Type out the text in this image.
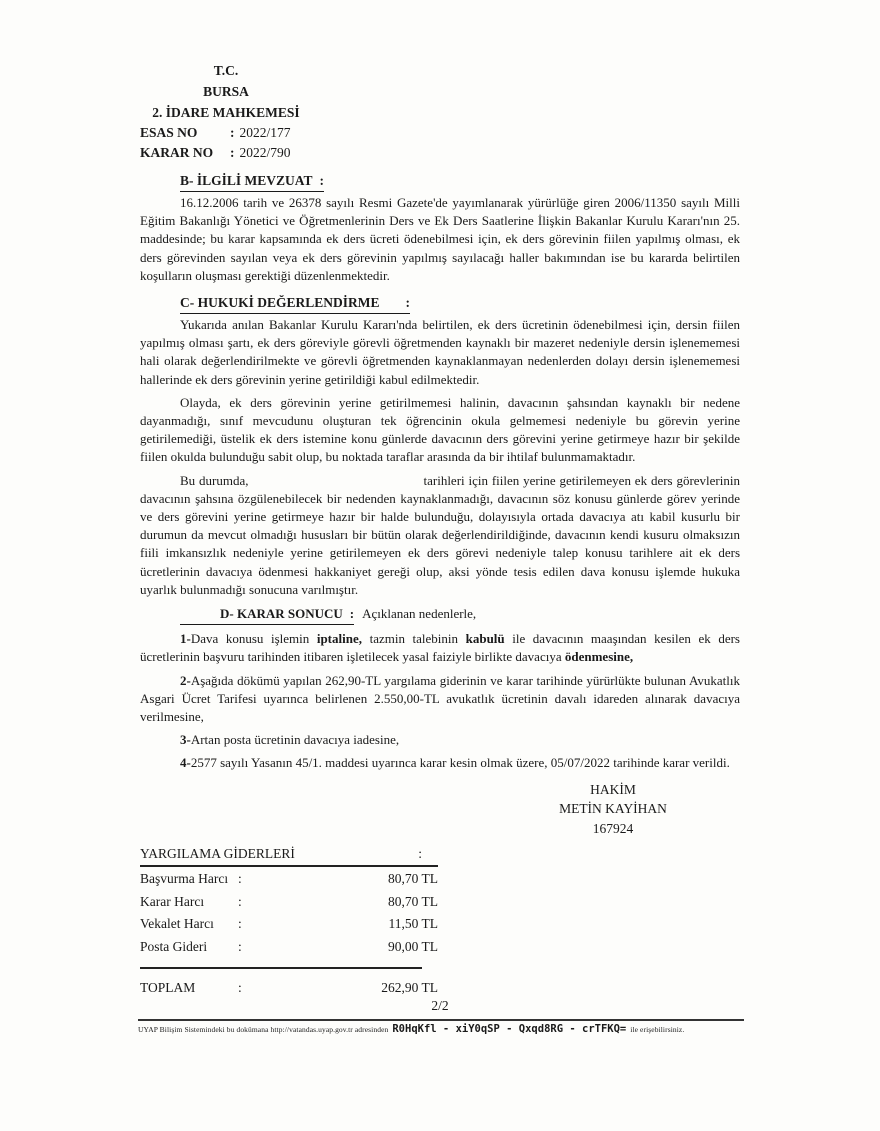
T.C.
BURSA
2. İDARE MAHKEMESİ
ESAS NO : 2022/177
KARAR NO : 2022/790
B- İLGİLİ MEVZUAT :

16.12.2006 tarih ve 26378 sayılı Resmi Gazete'de yayımlanarak yürürlüğe giren 2006/11350 sayılı Milli Eğitim Bakanlığı Yönetici ve Öğretmenlerinin Ders ve Ek Ders Saatlerine İlişkin Bakanlar Kurulu Kararı'nın 25. maddesinde; bu karar kapsamında ek ders ücreti ödenebilmesi için, ek ders görevinin fiilen yapılmış olması, ek ders görevinden sayılan veya ek ders görevinin yapılmış sayılacağı haller bakımından ise bu kararda belirtilen koşulların oluşması gerektiği düzenlenmektedir.

C- HUKUKİ DEĞERLENDİRME :

Yukarıda anılan Bakanlar Kurulu Kararı'nda belirtilen, ek ders ücretinin ödenebilmesi için, dersin fiilen yapılmış olması şartı, ek ders göreviyle görevli öğretmenden kaynaklı bir mazeret nedeniyle dersin işlenememesi hali olarak değerlendirilmekte ve görevli öğretmenden kaynaklanmayan nedenlerden dolayı dersin işlenememesi hallerinde ek ders görevinin yerine getirildiği kabul edilmektedir.

Olayda, ek ders görevinin yerine getirilmemesi halinin, davacının şahsından kaynaklı bir nedene dayanmadığı, sınıf mevcudunu oluşturan tek öğrencinin okula gelmemesi nedeniyle bu görevin yerine getirilemediği, üstelik ek ders istemine konu günlerde davacının ders görevini yerine getirmeye hazır bir şekilde fiilen okulda bulunduğu sabit olup, bu noktada taraflar arasında da bir ihtilaf bulunmamaktadır.

Bu durumda,	tarihleri için fiilen yerine getirilemeyen ek ders görevlerinin davacının şahsına özgülenebilecek bir nedenden kaynaklanmadığı, davacının söz konusu günlerde görev yerinde ve ders görevini yerine getirmeye hazır bir halde bulunduğu, dolayısıyla ortada davacıya atı kabil kusurlu bir durumun da mevcut olmadığı hususları bir bütün olarak değerlendirildiğinde, davacının kendi kusuru olmaksızın fiili imkansızlık nedeniyle yerine getirilemeyen ek ders görevi nedeniyle talep konusu tarihlere ait ek ders ücretlerinin davacıya ödenmesi hakkaniyet gereği olup, aksi yönde tesis edilen dava konusu işlemde hukuka uyarlık bulunmadığı sonucuna varılmıştır.

D- KARAR SONUCU : Açıklanan nedenlerle,

1-Dava konusu işlemin iptaline, tazmin talebinin kabulü ile davacının maaşından kesilen ek ders ücretlerinin başvuru tarihinden itibaren işletilecek yasal faiziyle birlikte davacıya ödenmesine,

2-Aşağıda dökümü yapılan 262,90-TL yargılama giderinin ve karar tarihinde yürürlükte bulunan Avukatlık Asgari Ücret Tarifesi uyarınca belirlenen 2.550,00-TL avukatlık ücretinin davalı idareden alınarak davacıya verilmesine,

3-Artan posta ücretinin davacıya iadesine,

4-2577 sayılı Yasanın 45/1. maddesi uyarınca karar kesin olmak üzere, 05/07/2022 tarihinde karar verildi.

HAKİM
METİN KAYİHAN
167924
YARGILAMA GİDERLERİ	:
Başvurma Harcı :	80,70 TL
Karar Harcı	:	80,70 TL
Vekalet Harcı	:	11,50 TL
Posta Gideri	:	90,00 TL
TOPLAM	:	262,90 TL
2/2
UYAP Bilişim Sistemindeki bu dokümana http://vatandas.uyap.gov.tr adresinden R0HqKfl - xiY0qSP - Qxqd8RG - crTFKQ= ile erişebilirsiniz.
